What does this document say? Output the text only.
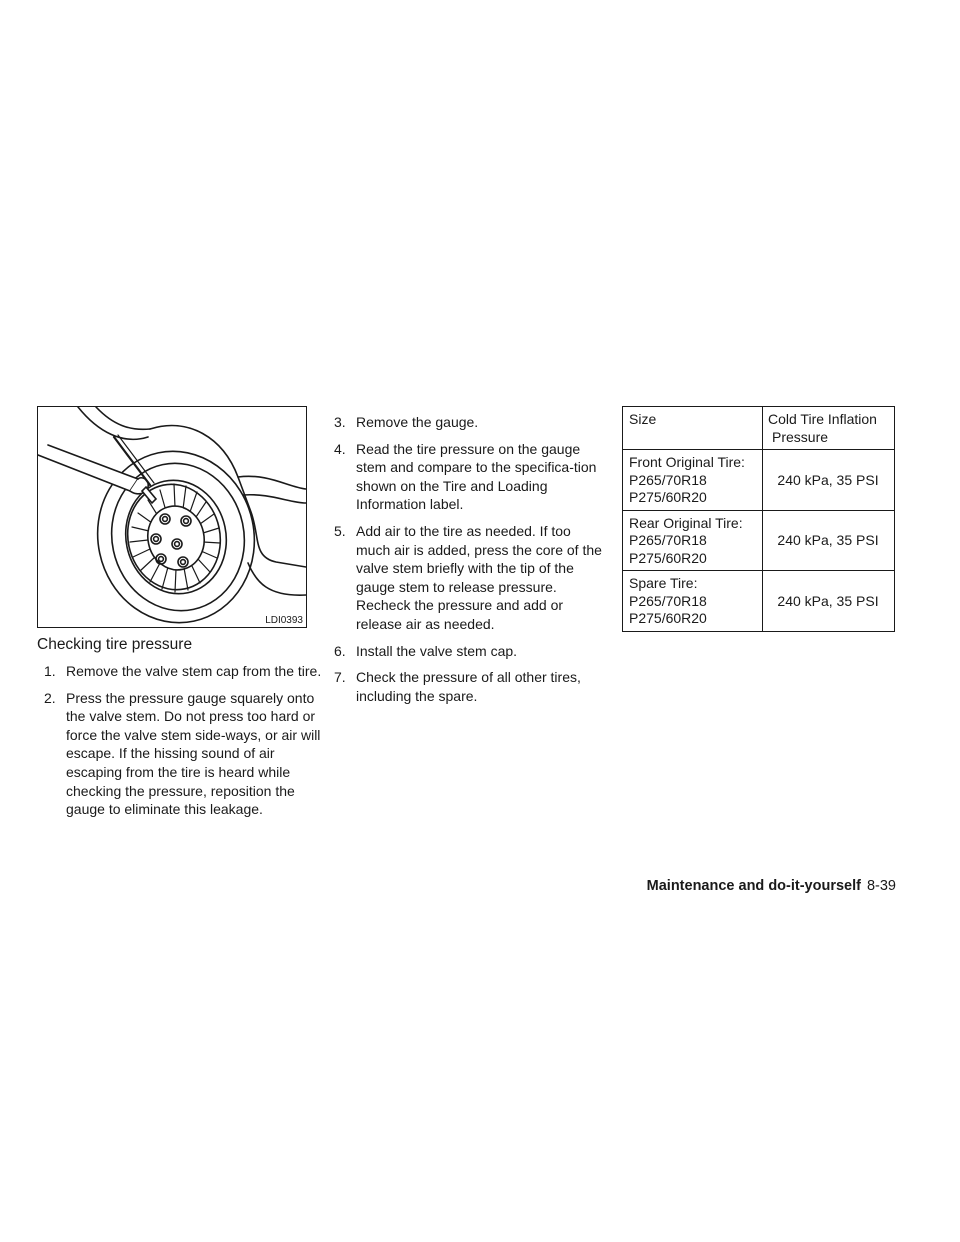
LDI0393
Checking tire pressure
1. Remove the valve stem cap from the tire.
2. Press the pressure gauge squarely onto the valve stem. Do not press too hard or force the valve stem side-ways, or air will escape. If the hissing sound of air escaping from the tire is heard while checking the pressure, reposition the gauge to eliminate this leakage.
3. Remove the gauge.
4. Read the tire pressure on the gauge stem and compare to the specifica-tion shown on the Tire and Loading Information label.
5. Add air to the tire as needed. If too much air is added, press the core of the valve stem briefly with the tip of the gauge stem to release pressure. Recheck the pressure and add or release air as needed.
6. Install the valve stem cap.
7. Check the pressure of all other tires, including the spare.
Size	Cold Tire Inflation
Pressure

Front Original Tire:
P265/70R18
P275/60R20	240 kPa, 35 PSI

Rear Original Tire:
P265/70R18
P275/60R20	240 kPa, 35 PSI

Spare Tire:
P265/70R18
P275/60R20	240 kPa, 35 PSI
Maintenance and do-it-yourself 8-39
